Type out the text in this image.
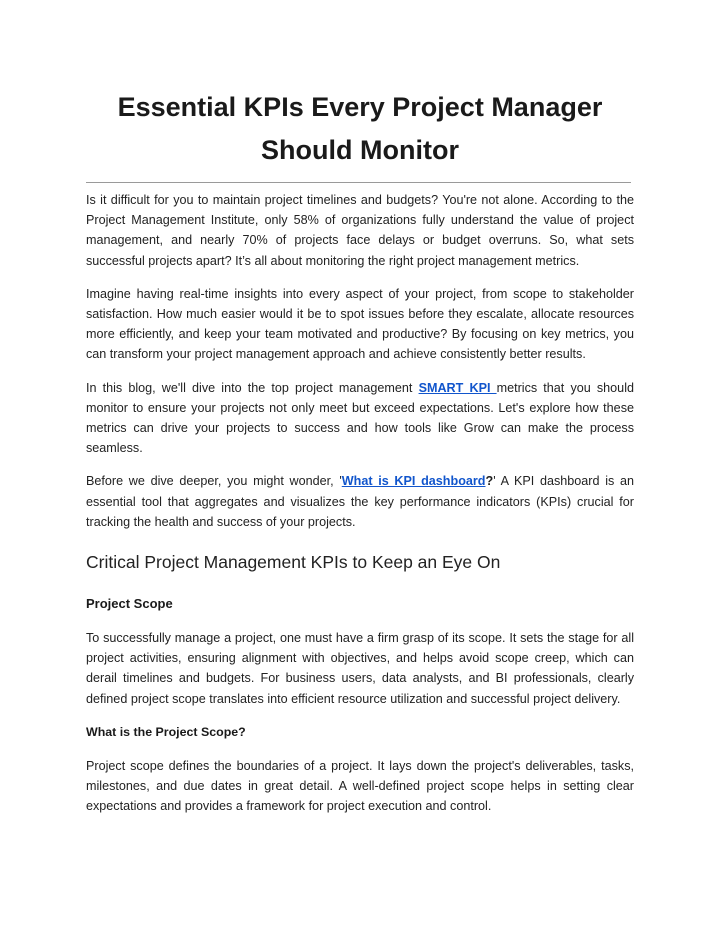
Essential KPIs Every Project Manager
Should Monitor

Is it difficult for you to maintain project timelines and budgets? You're not alone. According to the Project Management Institute, only 58% of organizations fully understand the value of project management, and nearly 70% of projects face delays or budget overruns. So, what sets successful projects apart? It’s all about monitoring the right project management metrics.

Imagine having real-time insights into every aspect of your project, from scope to stakeholder satisfaction. How much easier would it be to spot issues before they escalate, allocate resources more efficiently, and keep your team motivated and productive? By focusing on key metrics, you can transform your project management approach and achieve consistently better results.

In this blog, we'll dive into the top project management SMART KPI metrics that you should monitor to ensure your projects not only meet but exceed expectations. Let's explore how these metrics can drive your projects to success and how tools like Grow can make the process seamless.

Before we dive deeper, you might wonder, 'What is KPI dashboard?' A KPI dashboard is an essential tool that aggregates and visualizes the key performance indicators (KPIs) crucial for tracking the health and success of your projects.

Critical Project Management KPIs to Keep an Eye On
Project Scope

To successfully manage a project, one must have a firm grasp of its scope. It sets the stage for all project activities, ensuring alignment with objectives, and helps avoid scope creep, which can derail timelines and budgets. For business users, data analysts, and BI professionals, clearly defined project scope translates into efficient resource utilization and successful project delivery.

What is the Project Scope?

Project scope defines the boundaries of a project. It lays down the project's deliverables, tasks, milestones, and due dates in great detail. A well-defined project scope helps in setting clear expectations and provides a framework for project execution and control.
